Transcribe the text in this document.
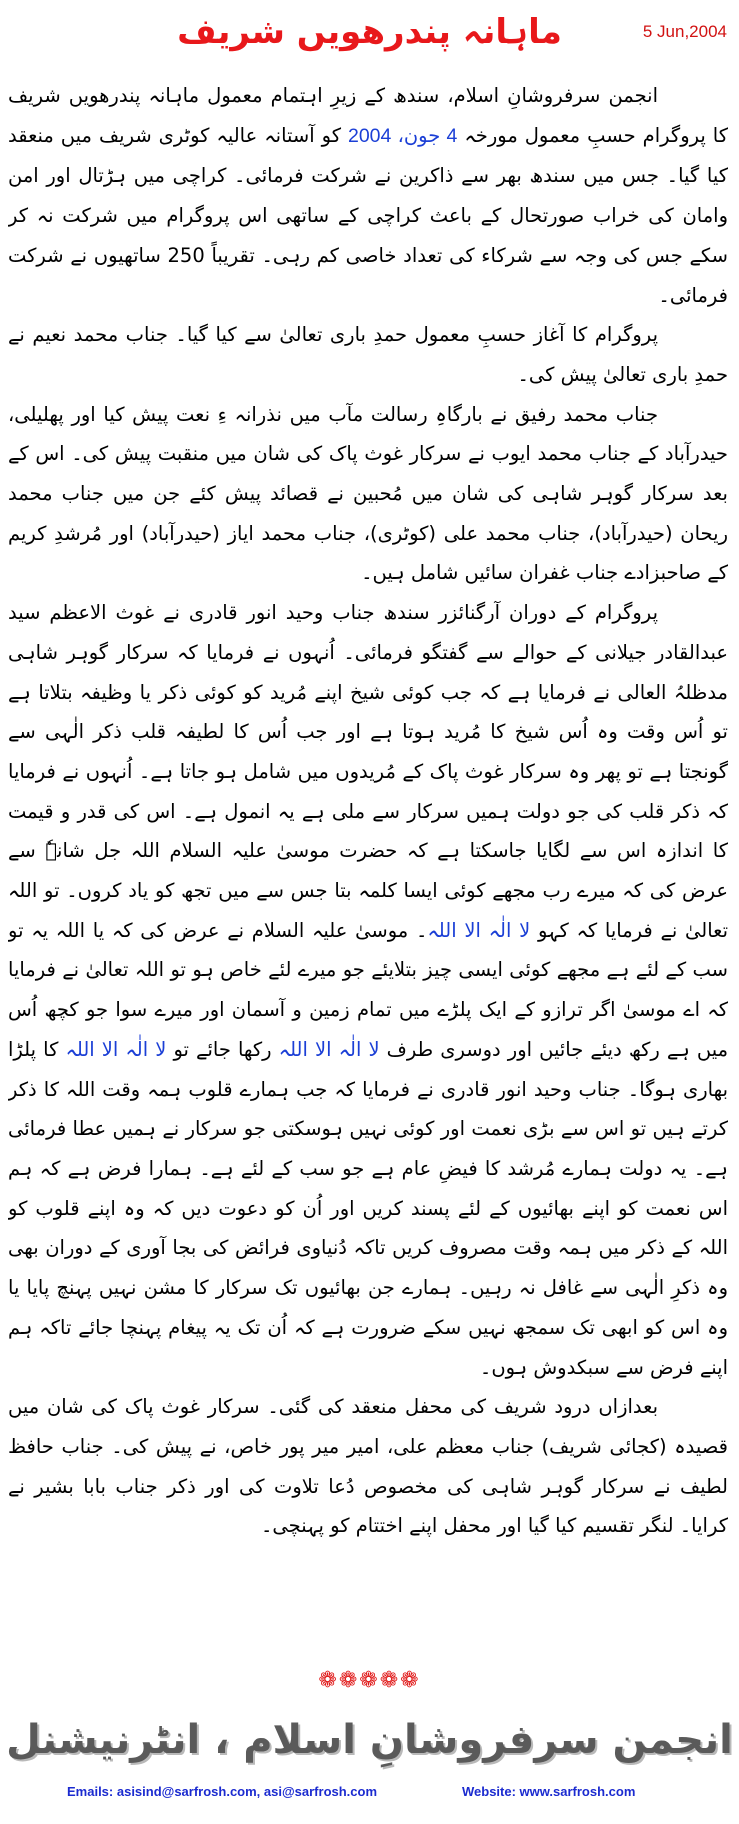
ماہانہ پندرھویں شریف	5 Jun,2004

انجمن سرفروشانِ اسلام، سندھ کے زیرِ اہتمام معمول ماہانہ پندرھویں شریف کا پروگرام حسبِ معمول مورخہ 4 جون، 2004 کو آستانہ عالیہ کوٹری شریف میں منعقد کیا گیا۔ جس میں سندھ بھر سے ذاکرین نے شرکت فرمائی۔ کراچی میں ہڑتال اور امن وامان کی خراب صورتحال کے باعث کراچی کے ساتھی اس پروگرام میں شرکت نہ کر سکے جس کی وجہ سے شرکاء کی تعداد خاصی کم رہی۔ تقریباً 250 ساتھیوں نے شرکت فرمائی۔

پروگرام کا آغاز حسبِ معمول حمدِ باری تعالیٰ سے کیا گیا۔ جناب محمد نعیم نے حمدِ باری تعالیٰ پیش کی۔

جناب محمد رفیق نے بارگاہِ رسالت مآب میں نذرانہ ءِ نعت پیش کیا اور پھلیلی، حیدرآباد کے جناب محمد ایوب نے سرکار غوث پاک کی شان میں منقبت پیش کی۔ اس کے بعد سرکار گوہر شاہی کی شان میں مُحبین نے قصائد پیش کئے جن میں جناب محمد ریحان (حیدرآباد)، جناب محمد علی (کوٹری)، جناب محمد ایاز (حیدرآباد) اور مُرشدِ کریم کے صاحبزادے جناب غفران سائیں شامل ہیں۔

پروگرام کے دوران آرگنائزر سندھ جناب وحید انور قادری نے غوث الاعظم سید عبدالقادر جیلانی کے حوالے سے گفتگو فرمائی۔ اُنہوں نے فرمایا کہ سرکار گوہر شاہی مدظلہُ العالی نے فرمایا ہے کہ جب کوئی شیخ اپنے مُرید کو کوئی ذکر یا وظیفہ بتلاتا ہے تو اُس وقت وہ اُس شیخ کا مُرید ہوتا ہے اور جب اُس کا لطیفہ قلب ذکر الٰہی سے گونجتا ہے تو پھر وہ سرکار غوث پاک کے مُریدوں میں شامل ہو جاتا ہے۔ اُنہوں نے فرمایا کہ ذکر قلب کی جو دولت ہمیں سرکار سے ملی ہے یہ انمول ہے۔ اس کی قدر و قیمت کا اندازہ اس سے لگایا جاسکتا ہے کہ حضرت موسیٰ علیہ السلام اللہ جل شانہٗ سے عرض کی کہ میرے رب مجھے کوئی ایسا کلمہ بتا جس سے میں تجھ کو یاد کروں۔ تو اللہ تعالیٰ نے فرمایا کہ کہو لا الٰہ الا اللہ۔ موسیٰ علیہ السلام نے عرض کی کہ یا اللہ یہ تو سب کے لئے ہے مجھے کوئی ایسی چیز بتلایئے جو میرے لئے خاص ہو تو اللہ تعالیٰ نے فرمایا کہ اے موسیٰ اگر ترازو کے ایک پلڑے میں تمام زمین و آسمان اور میرے سوا جو کچھ اُس میں ہے رکھ دیئے جائیں اور دوسری طرف لا الٰہ الا اللہ رکھا جائے تو لا الٰہ الا اللہ کا پلڑا بھاری ہوگا۔ جناب وحید انور قادری نے فرمایا کہ جب ہمارے قلوب ہمہ وقت اللہ کا ذکر کرتے ہیں تو اس سے بڑی نعمت اور کوئی نہیں ہوسکتی جو سرکار نے ہمیں عطا فرمائی ہے۔ یہ دولت ہمارے مُرشد کا فیضِ عام ہے جو سب کے لئے ہے۔ ہمارا فرض ہے کہ ہم اس نعمت کو اپنے بھائیوں کے لئے پسند کریں اور اُن کو دعوت دیں کہ وہ اپنے قلوب کو اللہ کے ذکر میں ہمہ وقت مصروف کریں تاکہ دُنیاوی فرائض کی بجا آوری کے دوران بھی وہ ذکرِ الٰہی سے غافل نہ رہیں۔ ہمارے جن بھائیوں تک سرکار کا مشن نہیں پہنچ پایا یا وہ اس کو ابھی تک سمجھ نہیں سکے ضرورت ہے کہ اُن تک یہ پیغام پہنچا جائے تاکہ ہم اپنے فرض سے سبکدوش ہوں۔

بعدازاں درود شریف کی محفل منعقد کی گئی۔ سرکار غوث پاک کی شان میں قصیدہ (کجائی شریف) جناب معظم علی، امیر میر پور خاص، نے پیش کی۔ جناب حافظ لطیف نے سرکار گوہر شاہی کی مخصوص دُعا تلاوت کی اور ذکر جناب بابا بشیر نے کرایا۔ لنگر تقسیم کیا گیا اور محفل اپنے اختتام کو پہنچی۔

❁❁❁❁❁
انجمن سرفروشانِ اسلام ، انٹرنیشنل
Emails: asisind@sarfrosh.com, asi@sarfrosh.com	Website: www.sarfrosh.com
